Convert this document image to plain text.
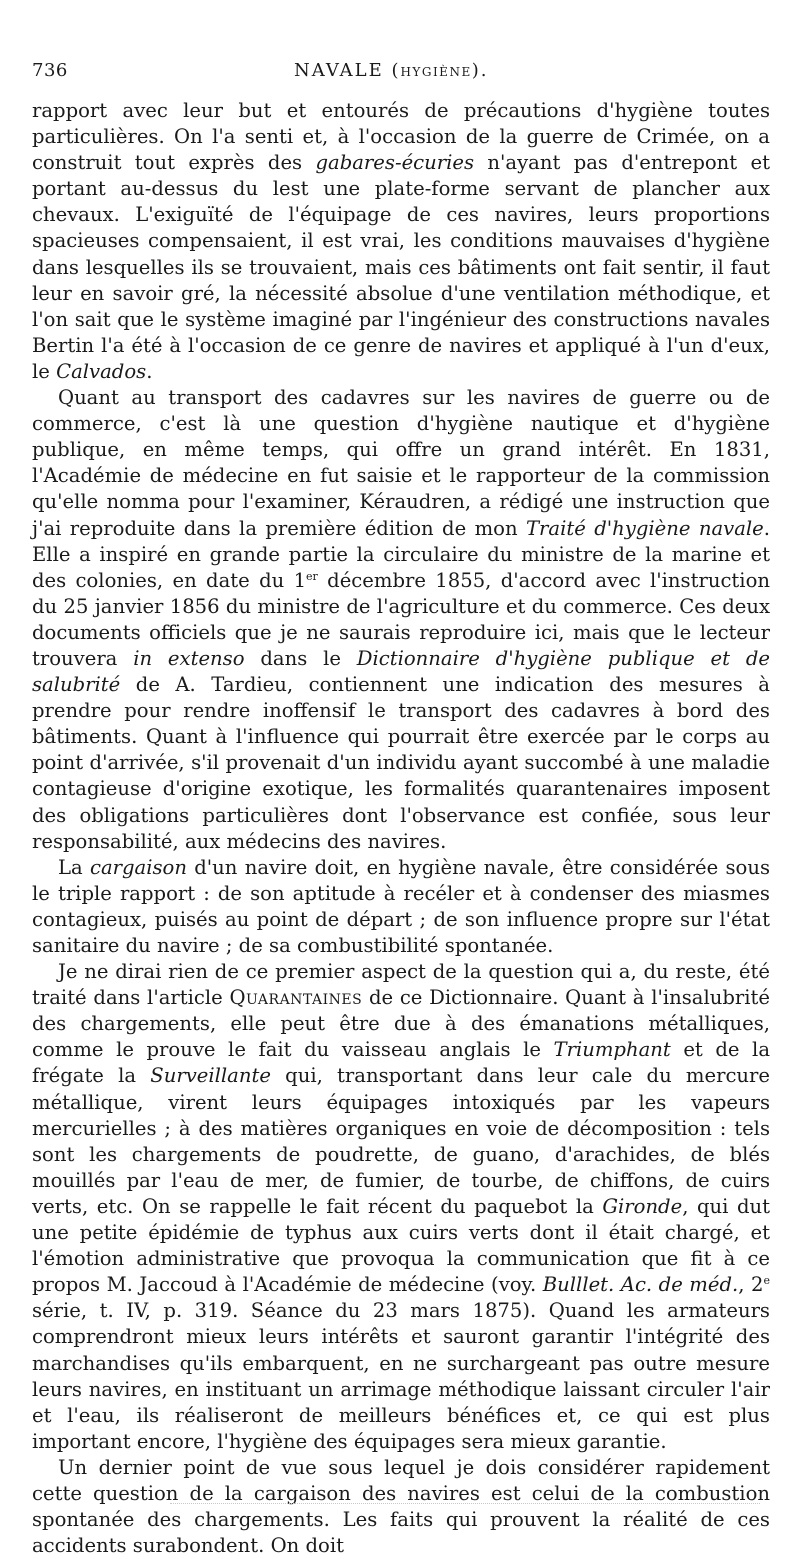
736	NAVALE (HYGIÈNE).

rapport avec leur but et entourés de précautions d'hygiène toutes particulières. On l'a senti et, à l'occasion de la guerre de Crimée, on a construit tout exprès des gabares-écuries n'ayant pas d'entrepont et portant au-dessus du lest une plate-forme servant de plancher aux chevaux. L'exiguïté de l'équipage de ces navires, leurs proportions spacieuses compensaient, il est vrai, les conditions mauvaises d'hygiène dans lesquelles ils se trouvaient, mais ces bâtiments ont fait sentir, il faut leur en savoir gré, la nécessité absolue d'une ventilation méthodique, et l'on sait que le système imaginé par l'ingénieur des constructions navales Bertin l'a été à l'occasion de ce genre de navires et appliqué à l'un d'eux, le Calvados.

Quant au transport des cadavres sur les navires de guerre ou de commerce, c'est là une question d'hygiène nautique et d'hygiène publique, en même temps, qui offre un grand intérêt. En 1831, l'Académie de médecine en fut saisie et le rapporteur de la commission qu'elle nomma pour l'examiner, Kéraudren, a rédigé une instruction que j'ai reproduite dans la première édition de mon Traité d'hygiène navale. Elle a inspiré en grande partie la circulaire du ministre de la marine et des colonies, en date du 1er décembre 1855, d'accord avec l'instruction du 25 janvier 1856 du ministre de l'agriculture et du commerce. Ces deux documents officiels que je ne saurais reproduire ici, mais que le lecteur trouvera in extenso dans le Dictionnaire d'hygiène publique et de salubrité de A. Tardieu, contiennent une indication des mesures à prendre pour rendre inoffensif le transport des cadavres à bord des bâtiments. Quant à l'influence qui pourrait être exercée par le corps au point d'arrivée, s'il provenait d'un individu ayant succombé à une maladie contagieuse d'origine exotique, les formalités quarantenaires imposent des obligations particulières dont l'observance est confiée, sous leur responsabilité, aux médecins des navires.

La cargaison d'un navire doit, en hygiène navale, être considérée sous le triple rapport : de son aptitude à recéler et à condenser des miasmes contagieux, puisés au point de départ ; de son influence propre sur l'état sanitaire du navire ; de sa combustibilité spontanée.

Je ne dirai rien de ce premier aspect de la question qui a, du reste, été traité dans l'article Quarantaines de ce Dictionnaire. Quant à l'insalubrité des chargements, elle peut être due à des émanations métalliques, comme le prouve le fait du vaisseau anglais le Triumphant et de la frégate la Surveillante qui, transportant dans leur cale du mercure métallique, virent leurs équipages intoxiqués par les vapeurs mercurielles ; à des matières organiques en voie de décomposition : tels sont les chargements de poudrette, de guano, d'arachides, de blés mouillés par l'eau de mer, de fumier, de tourbe, de chiffons, de cuirs verts, etc. On se rappelle le fait récent du paquebot la Gironde, qui dut une petite épidémie de typhus aux cuirs verts dont il était chargé, et l'émotion administrative que provoqua la communication que fit à ce propos M. Jaccoud à l'Académie de médecine (voy. Bulllet. Ac. de méd., 2e série, t. IV, p. 319. Séance du 23 mars 1875). Quand les armateurs comprendront mieux leurs intérêts et sauront garantir l'intégrité des marchandises qu'ils embarquent, en ne surchargeant pas outre mesure leurs navires, en instituant un arrimage méthodique laissant circuler l'air et l'eau, ils réaliseront de meilleurs bénéfices et, ce qui est plus important encore, l'hygiène des équipages sera mieux garantie.

Un dernier point de vue sous lequel je dois considérer rapidement cette question de la cargaison des navires est celui de la combustion spontanée des chargements. Les faits qui prouvent la réalité de ces accidents surabondent. On doit
